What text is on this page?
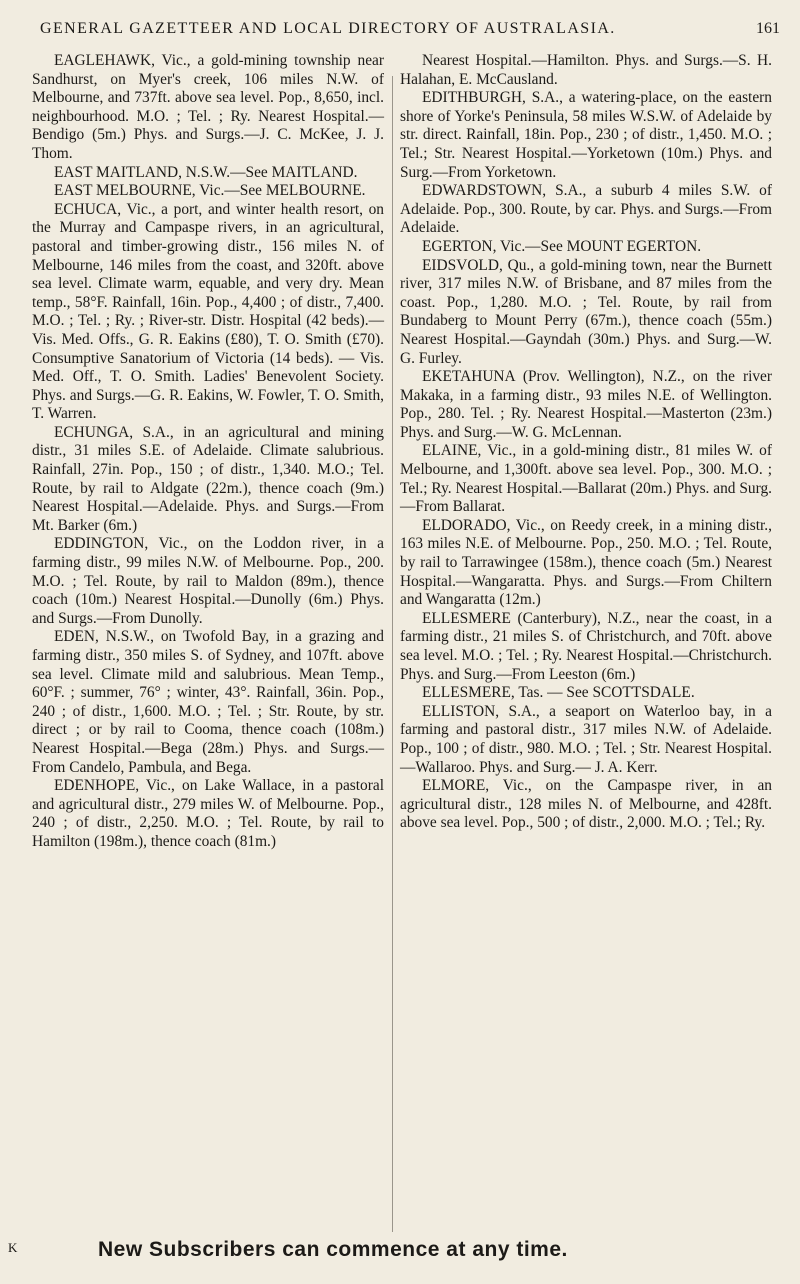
GENERAL GAZETTEER AND LOCAL DIRECTORY OF AUSTRALASIA.	161
EAGLEHAWK, Vic., a gold-mining township near Sandhurst, on Myer's creek, 106 miles N.W. of Melbourne, and 737ft. above sea level. Pop., 8,650, incl. neighbourhood. M.O. ; Tel. ; Ry. Nearest Hospital.—Bendigo (5m.) Phys. and Surgs.—J. C. McKee, J. J. Thom.
EAST MAITLAND, N.S.W.—See MAITLAND.
EAST MELBOURNE, Vic.—See MELBOURNE.
ECHUCA, Vic., a port, and winter health resort, on the Murray and Campaspe rivers, in an agricultural, pastoral and timber-growing distr., 156 miles N. of Melbourne, 146 miles from the coast, and 320ft. above sea level. Climate warm, equable, and very dry. Mean temp., 58°F. Rainfall, 16in. Pop., 4,400 ; of distr., 7,400. M.O. ; Tel. ; Ry. ; River-str. Distr. Hospital (42 beds).— Vis. Med. Offs., G. R. Eakins (£80), T. O. Smith (£70). Consumptive Sanatorium of Victoria (14 beds). — Vis. Med. Off., T. O. Smith. Ladies' Benevolent Society. Phys. and Surgs.—G. R. Eakins, W. Fowler, T. O. Smith, T. Warren.
ECHUNGA, S.A., in an agricultural and mining distr., 31 miles S.E. of Adelaide. Climate salubrious. Rainfall, 27in. Pop., 150 ; of distr., 1,340. M.O.; Tel. Route, by rail to Aldgate (22m.), thence coach (9m.) Nearest Hospital.—Adelaide. Phys. and Surgs.—From Mt. Barker (6m.)
EDDINGTON, Vic., on the Loddon river, in a farming distr., 99 miles N.W. of Melbourne. Pop., 200. M.O. ; Tel. Route, by rail to Maldon (89m.), thence coach (10m.) Nearest Hospital.—Dunolly (6m.) Phys. and Surgs.—From Dunolly.
EDEN, N.S.W., on Twofold Bay, in a grazing and farming distr., 350 miles S. of Sydney, and 107ft. above sea level. Climate mild and salubrious. Mean Temp., 60°F. ; summer, 76° ; winter, 43°. Rainfall, 36in. Pop., 240 ; of distr., 1,600. M.O. ; Tel. ; Str. Route, by str. direct ; or by rail to Cooma, thence coach (108m.) Nearest Hospital.—Bega (28m.) Phys. and Surgs.—From Candelo, Pambula, and Bega.
EDENHOPE, Vic., on Lake Wallace, in a pastoral and agricultural distr., 279 miles W. of Melbourne. Pop., 240 ; of distr., 2,250. M.O. ; Tel. Route, by rail to Hamilton (198m.), thence coach (81m.)
Nearest Hospital.—Hamilton. Phys. and Surgs.—S. H. Halahan, E. McCausland.
EDITHBURGH, S.A., a watering-place, on the eastern shore of Yorke's Peninsula, 58 miles W.S.W. of Adelaide by str. direct. Rainfall, 18in. Pop., 230 ; of distr., 1,450. M.O. ; Tel.; Str. Nearest Hospital.—Yorketown (10m.) Phys. and Surg.—From Yorketown.
EDWARDSTOWN, S.A., a suburb 4 miles S.W. of Adelaide. Pop., 300. Route, by car. Phys. and Surgs.—From Adelaide.
EGERTON, Vic.—See MOUNT EGERTON.
EIDSVOLD, Qu., a gold-mining town, near the Burnett river, 317 miles N.W. of Brisbane, and 87 miles from the coast. Pop., 1,280. M.O. ; Tel. Route, by rail from Bundaberg to Mount Perry (67m.), thence coach (55m.) Nearest Hospital.—Gayndah (30m.) Phys. and Surg.—W. G. Furley.
EKETAHUNA (Prov. Wellington), N.Z., on the river Makaka, in a farming distr., 93 miles N.E. of Wellington. Pop., 280. Tel. ; Ry. Nearest Hospital.—Masterton (23m.) Phys. and Surg.—W. G. McLennan.
ELAINE, Vic., in a gold-mining distr., 81 miles W. of Melbourne, and 1,300ft. above sea level. Pop., 300. M.O. ; Tel.; Ry. Nearest Hospital.—Ballarat (20m.) Phys. and Surg.—From Ballarat.
ELDORADO, Vic., on Reedy creek, in a mining distr., 163 miles N.E. of Melbourne. Pop., 250. M.O. ; Tel. Route, by rail to Tarrawingee (158m.), thence coach (5m.) Nearest Hospital.—Wangaratta. Phys. and Surgs.—From Chiltern and Wangaratta (12m.)
ELLESMERE (Canterbury), N.Z., near the coast, in a farming distr., 21 miles S. of Christchurch, and 70ft. above sea level. M.O. ; Tel. ; Ry. Nearest Hospital.—Christchurch. Phys. and Surg.—From Leeston (6m.)
ELLESMERE, Tas. — See SCOTTSDALE.
ELLISTON, S.A., a seaport on Waterloo bay, in a farming and pastoral distr., 317 miles N.W. of Adelaide. Pop., 100 ; of distr., 980. M.O. ; Tel. ; Str. Nearest Hospital.—Wallaroo. Phys. and Surg.— J. A. Kerr.
ELMORE, Vic., on the Campaspe river, in an agricultural distr., 128 miles N. of Melbourne, and 428ft. above sea level. Pop., 500 ; of distr., 2,000. M.O. ; Tel.; Ry.
K	New Subscribers can commence at any time.
